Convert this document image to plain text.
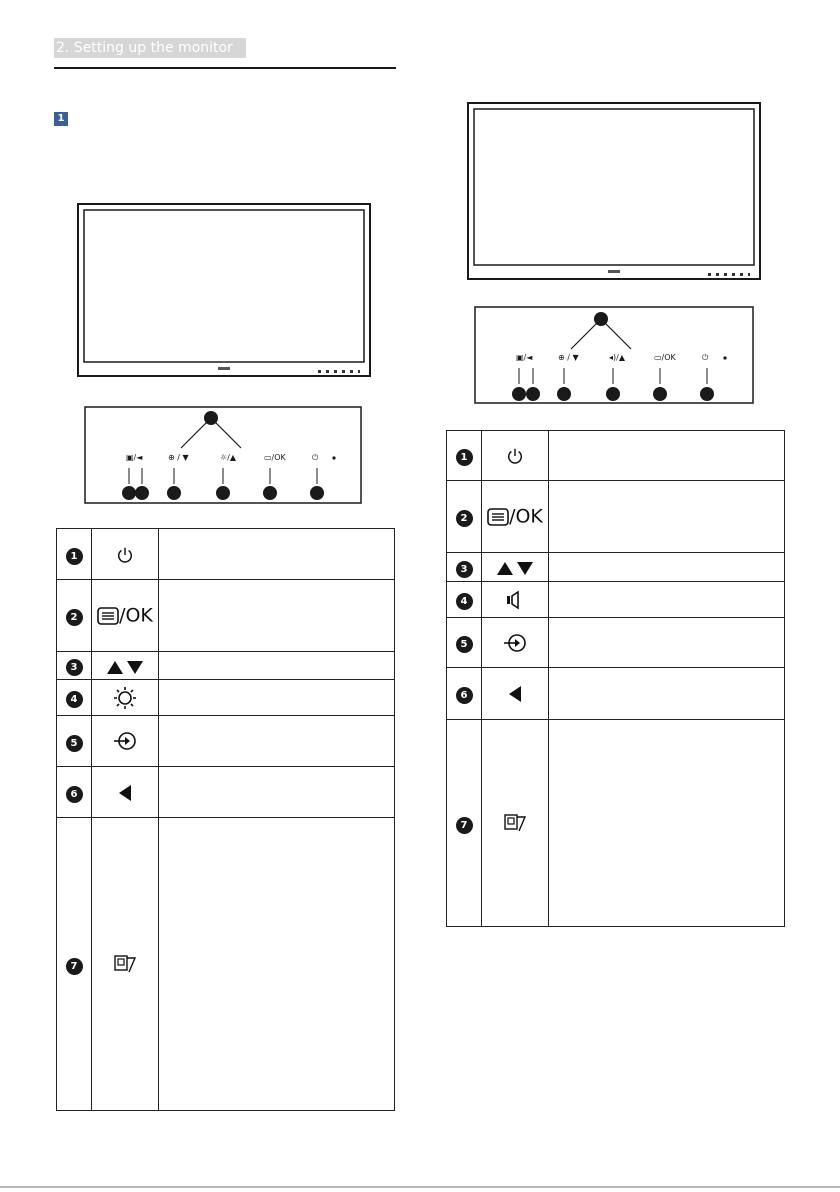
2. Setting up the monitor
1
▣/◄	⊕ / ▼	☼/▲	▭/OK	⏻
1		
2	/OK	
3		
4		
5		
6		
7		
▣/◄	⊕ / ▼	◂)/▲	▭/OK	⏻
1		
2	/OK	
3		
4		
5		
6		
7		
